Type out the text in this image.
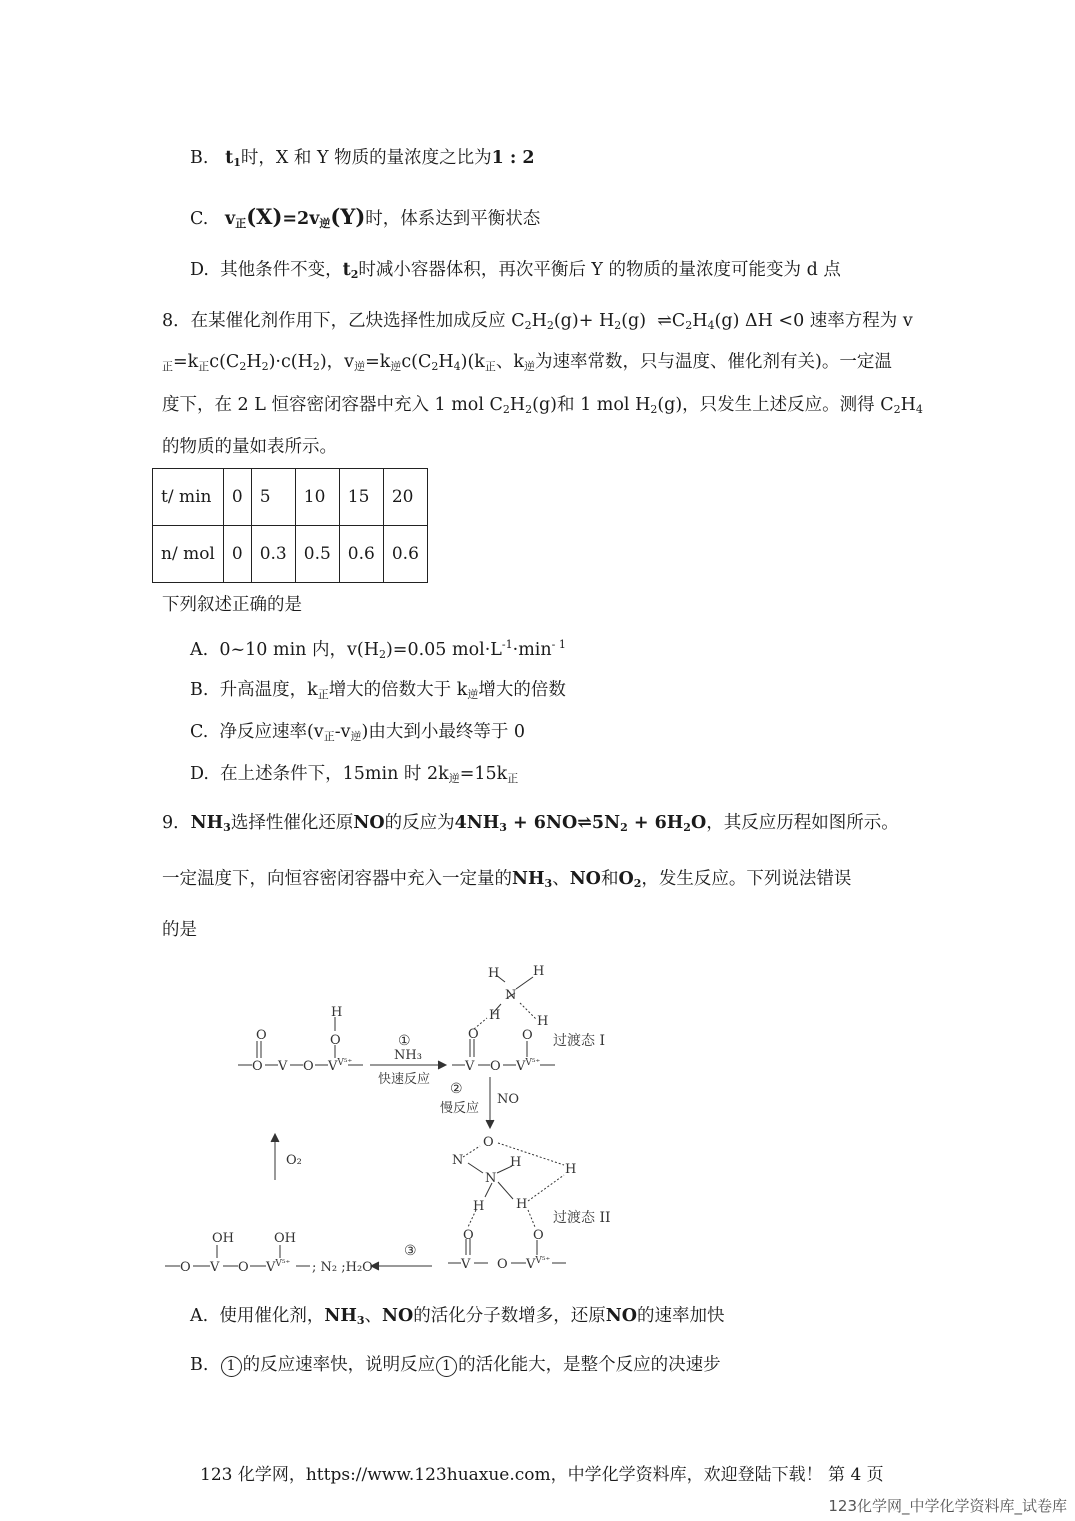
B. $t_1$时，X 和 Y 物质的量浓度之比为1 : 2
C. $v_正(X)=2v_逆(Y)$时，体系达到平衡状态
D. 其他条件不变，$t_2$时减小容器体积，再次平衡后 Y 的物质的量浓度可能变为 d 点
8．在某催化剂作用下，乙炔选择性加成反应 $C_2H_2(g)+ H_2(g)$ $\rightleftharpoons C_2H_4(g)$ ΔH <0 速率方程为 v
$_正=k_正c(C_2H_2)\cdot c(H_2)$，$v_逆=k_逆c(C_2H_4)(k_正$、$k_逆$为速率常数，只与温度、催化剂有关)。一定温
度下，在 2 L 恒容密闭容器中充入 1 mol $C_2H_2(g)$和 1 mol $H_2(g)$，只发生上述反应。测得 $C_2H_4$
的物质的量如表所示。
t/ min	0	5	10	15	20
n/ mol	0	0.3	0.5	0.6	0.6
下列叙述正确的是
A. 0~10 min 内，$v(H_2)=0.05$ $mol\cdot L^{-1}\cdot\min^{- 1}$
B. 升高温度，$k_正$增大的倍数大于 $k_逆$增大的倍数
C. 净反应速率$(v_正-v_逆)$由大到小最终等于 0
D. 在上述条件下，15min 时 $2k_逆=15k_正$
9．$NH_3$选择性催化还原NO的反应为$4NH_3$ + $6NO\rightleftharpoons 5N_2 + 6H_2O$，其反应历程如图所示。
一定温度下，向恒容密闭容器中充入一定量的$NH_3$、NO和$O_2$，发生反应。下列说法错误
的是
O
O V O
H
O
$V^{V^{5+}}$
①
NH₃
快速反应
O
V O $V^{V^{5+}}$
H
O
H
N
H	H
过渡态 I
②
慢反应
NO
O₂
O
N
N
H	H
H H
过渡态 II
O	O
V O $V^{V^{5+}}$
③
OH	OH
O V O $V^{V^{5+}}$ ; N₂ ;H₂O
A. 使用催化剂，$NH_3$、NO的活化分子数增多，还原NO的速率加快
B. 1 的反应速率快，说明反应 1 的活化能大，是整个反应的决速步
123 化学网，https://www.123huaxue.com，中学化学资料库，欢迎登陆下载！ 第 4 页
123化学网_中学化学资料库_试卷库
